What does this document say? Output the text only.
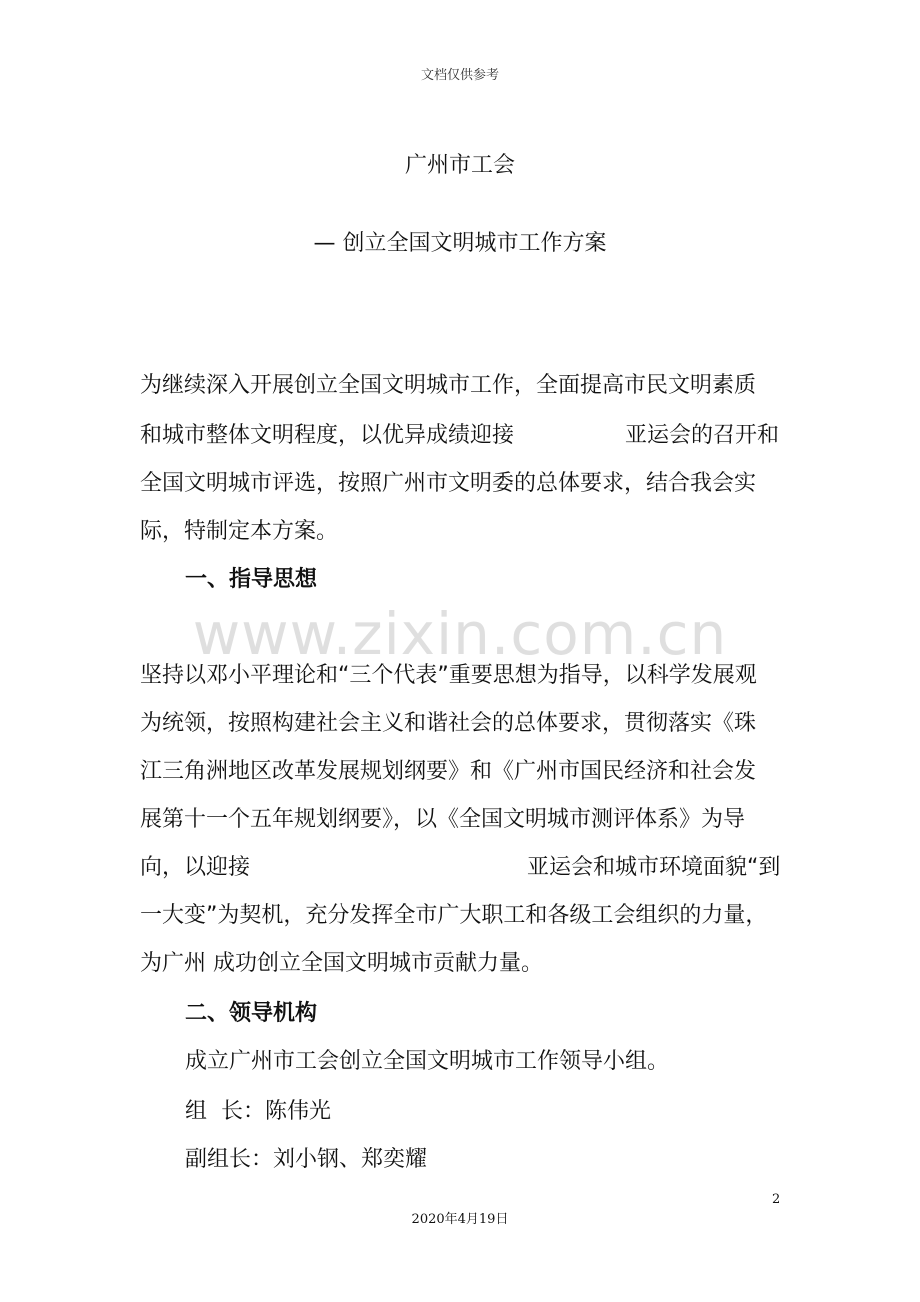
文档仅供参考

广州市工会
— 创立全国文明城市工作方案

为继续深入开展创立全国文明城市工作，全面提高市民文明素质

和城市整体文明程度，以优异成绩迎接	亚运会的召开和

全国文明城市评选，按照广州市文明委的总体要求，结合我会实

际，特制定本方案。

一、指导思想

www.zixin.com.cn

坚持以邓小平理论和“三个代表”重要思想为指导，以科学发展观

为统领，按照构建社会主义和谐社会的总体要求，贯彻落实《珠

江三角洲地区改革发展规划纲要》和《广州市国民经济和社会发

展第十一个五年规划纲要》，以《全国文明城市测评体系》为导

向，以迎接	亚运会和城市环境面貌“到

一大变”为契机，充分发挥全市广大职工和各级工会组织的力量，

为广州 成功创立全国文明城市贡献力量。

二、领导机构

成立广州市工会创立全国文明城市工作领导小组。

组  长：陈伟光

副组长：刘小钢、郑奕耀

2

2020年4月19日
